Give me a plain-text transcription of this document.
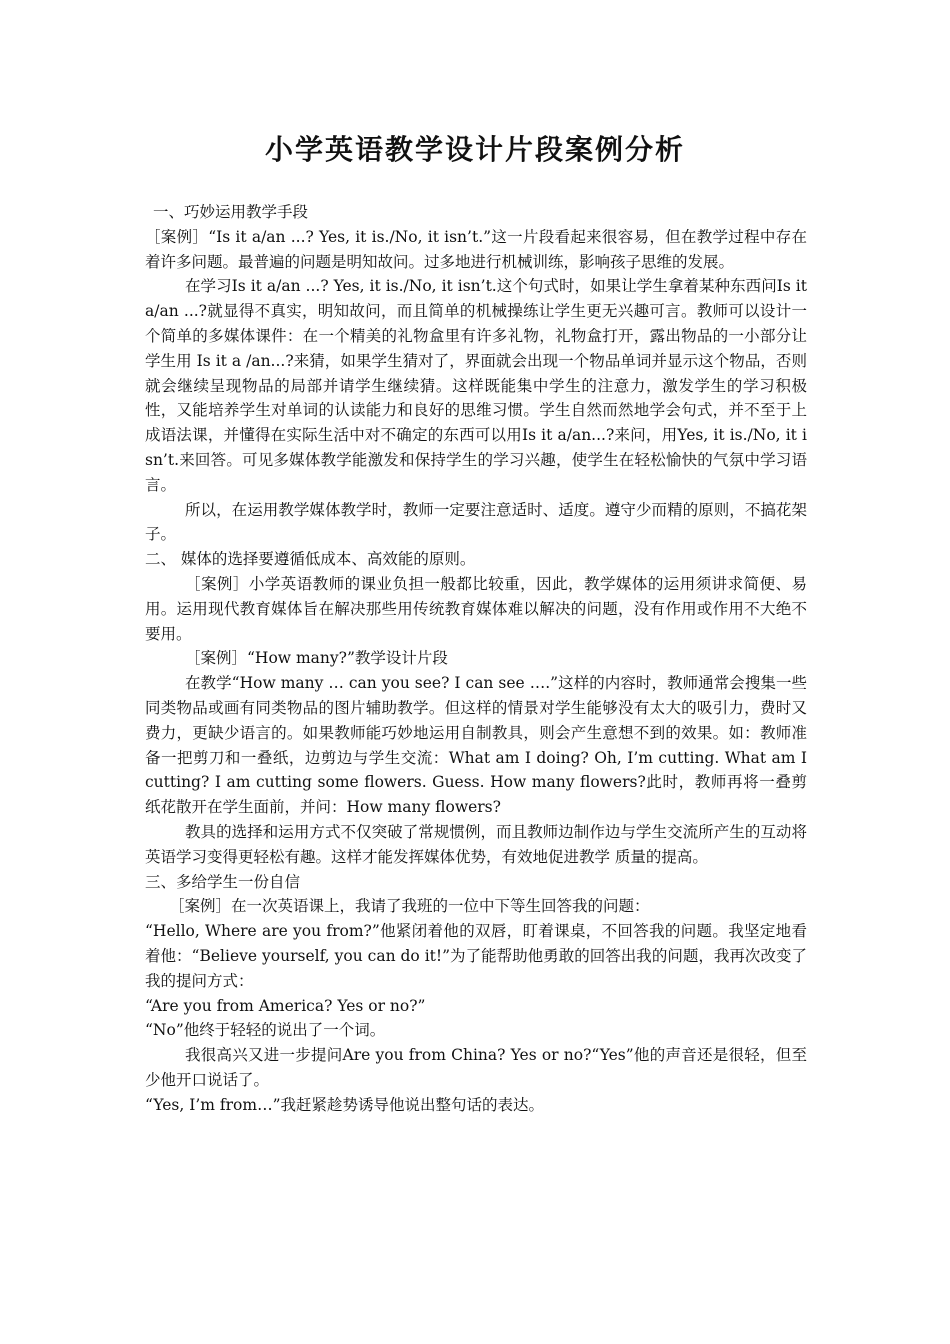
小学英语教学设计片段案例分析

一、巧妙运用教学手段

［案例］“Is it a/an ...? Yes, it is./No, it isn’t.”这一片段看起来很容易，但在教学过程中存在着许多问题。最普遍的问题是明知故问。过多地进行机械训练，影响孩子思维的发展。

在学习Is it a/an ...? Yes, it is./No, it isn’t.这个句式时，如果让学生拿着某种东西问Is it a/an ...?就显得不真实，明知故问，而且简单的机械操练让学生更无兴趣可言。教师可以设计一个简单的多媒体课件：在一个精美的礼物盒里有许多礼物，礼物盒打开，露出物品的一小部分让学生用 Is it a /an...?来猜，如果学生猜对了，界面就会出现一个物品单词并显示这个物品，否则就会继续呈现物品的局部并请学生继续猜。这样既能集中学生的注意力，激发学生的学习积极性，又能培养学生对单词的认读能力和良好的思维习惯。学生自然而然地学会句式，并不至于上成语法课，并懂得在实际生活中对不确定的东西可以用Is it a/an...?来问，用Yes, it is./No, it isn’t.来回答。可见多媒体教学能激发和保持学生的学习兴趣，使学生在轻松愉快的气氛中学习语言。

所以，在运用教学媒体教学时，教师一定要注意适时、适度。遵守少而精的原则，不搞花架子。

二、 媒体的选择要遵循低成本、高效能的原则。

［案例］小学英语教师的课业负担一般都比较重，因此，教学媒体的运用须讲求简便、易用。运用现代教育媒体旨在解决那些用传统教育媒体难以解决的问题，没有作用或作用不大绝不要用。

［案例］“How many?”教学设计片段

在教学“How many … can you see? I can see ….”这样的内容时，教师通常会搜集一些同类物品或画有同类物品的图片辅助教学。但这样的情景对学生能够没有太大的吸引力，费时又费力，更缺少语言的。如果教师能巧妙地运用自制教具，则会产生意想不到的效果。如：教师准备一把剪刀和一叠纸，边剪边与学生交流：What am I doing? Oh, I’m cutting. What am I cutting? I am cutting some flowers. Guess. How many flowers?此时，教师再将一叠剪纸花散开在学生面前，并问：How many flowers?

教具的选择和运用方式不仅突破了常规惯例，而且教师边制作边与学生交流所产生的互动将英语学习变得更轻松有趣。这样才能发挥媒体优势，有效地促进教学 质量的提高。

三、多给学生一份自信

［案例］在一次英语课上，我请了我班的一位中下等生回答我的问题：

“Hello, Where are you from?”他紧闭着他的双唇，盯着课桌，不回答我的问题。我坚定地看着他：“Believe yourself, you can do it!”为了能帮助他勇敢的回答出我的问题，我再次改变了我的提问方式：

“Are you from America? Yes or no?”

“No”他终于轻轻的说出了一个词。

我很高兴又进一步提问Are you from China? Yes or no?“Yes”他的声音还是很轻，但至少他开口说话了。

“Yes, I’m from…”我赶紧趁势诱导他说出整句话的表达。
